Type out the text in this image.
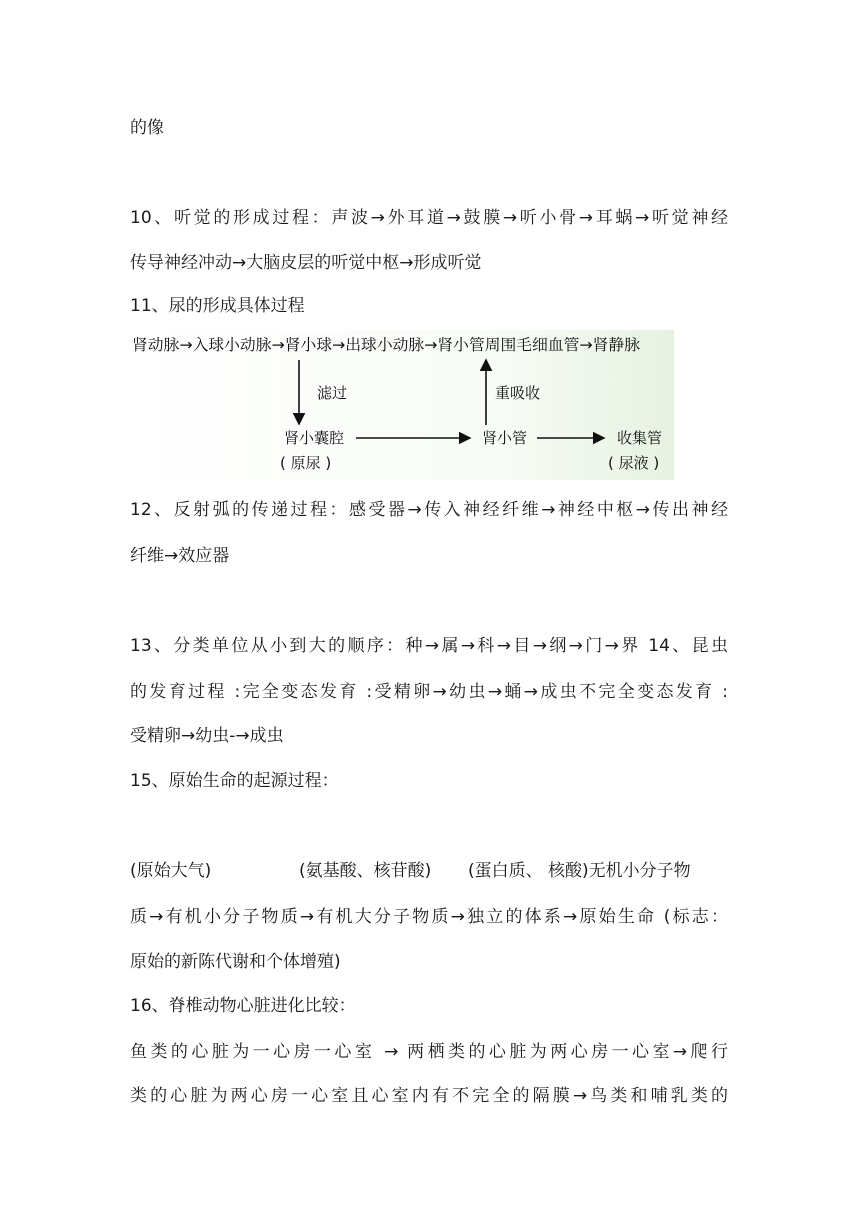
的像
10、听觉的形成过程：声波→外耳道→鼓膜→听小骨→耳蜗→听觉神经
传导神经冲动→大脑皮层的听觉中枢→形成听觉
11、尿的形成具体过程
肾动脉→入球小动脉→肾小球→出球小动脉→肾小管周围毛细血管→肾静脉
滤过	重吸收
肾小囊腔	肾小管	收集管
( 原尿 )	( 尿液 )
12、反射弧的传递过程：感受器→传入神经纤维→神经中枢→传出神经
纤维→效应器
13、分类单位从小到大的顺序：种→属→科→目→纲→门→界 14、昆虫
的发育过程 :完全变态发育 :受精卵→幼虫→蛹→成虫不完全变态发育 :
受精卵→幼虫-→成虫
15、原始生命的起源过程：
(原始大气)	(氨基酸、核苷酸) (蛋白质、 核酸)无机小分子物
质→有机小分子物质→有机大分子物质→独立的体系→原始生命 (标志：
原始的新陈代谢和个体增殖)
16、脊椎动物心脏进化比较：
鱼类的心脏为一心房一心室 → 两栖类的心脏为两心房一心室→爬行
类的心脏为两心房一心室且心室内有不完全的隔膜→鸟类和哺乳类的
